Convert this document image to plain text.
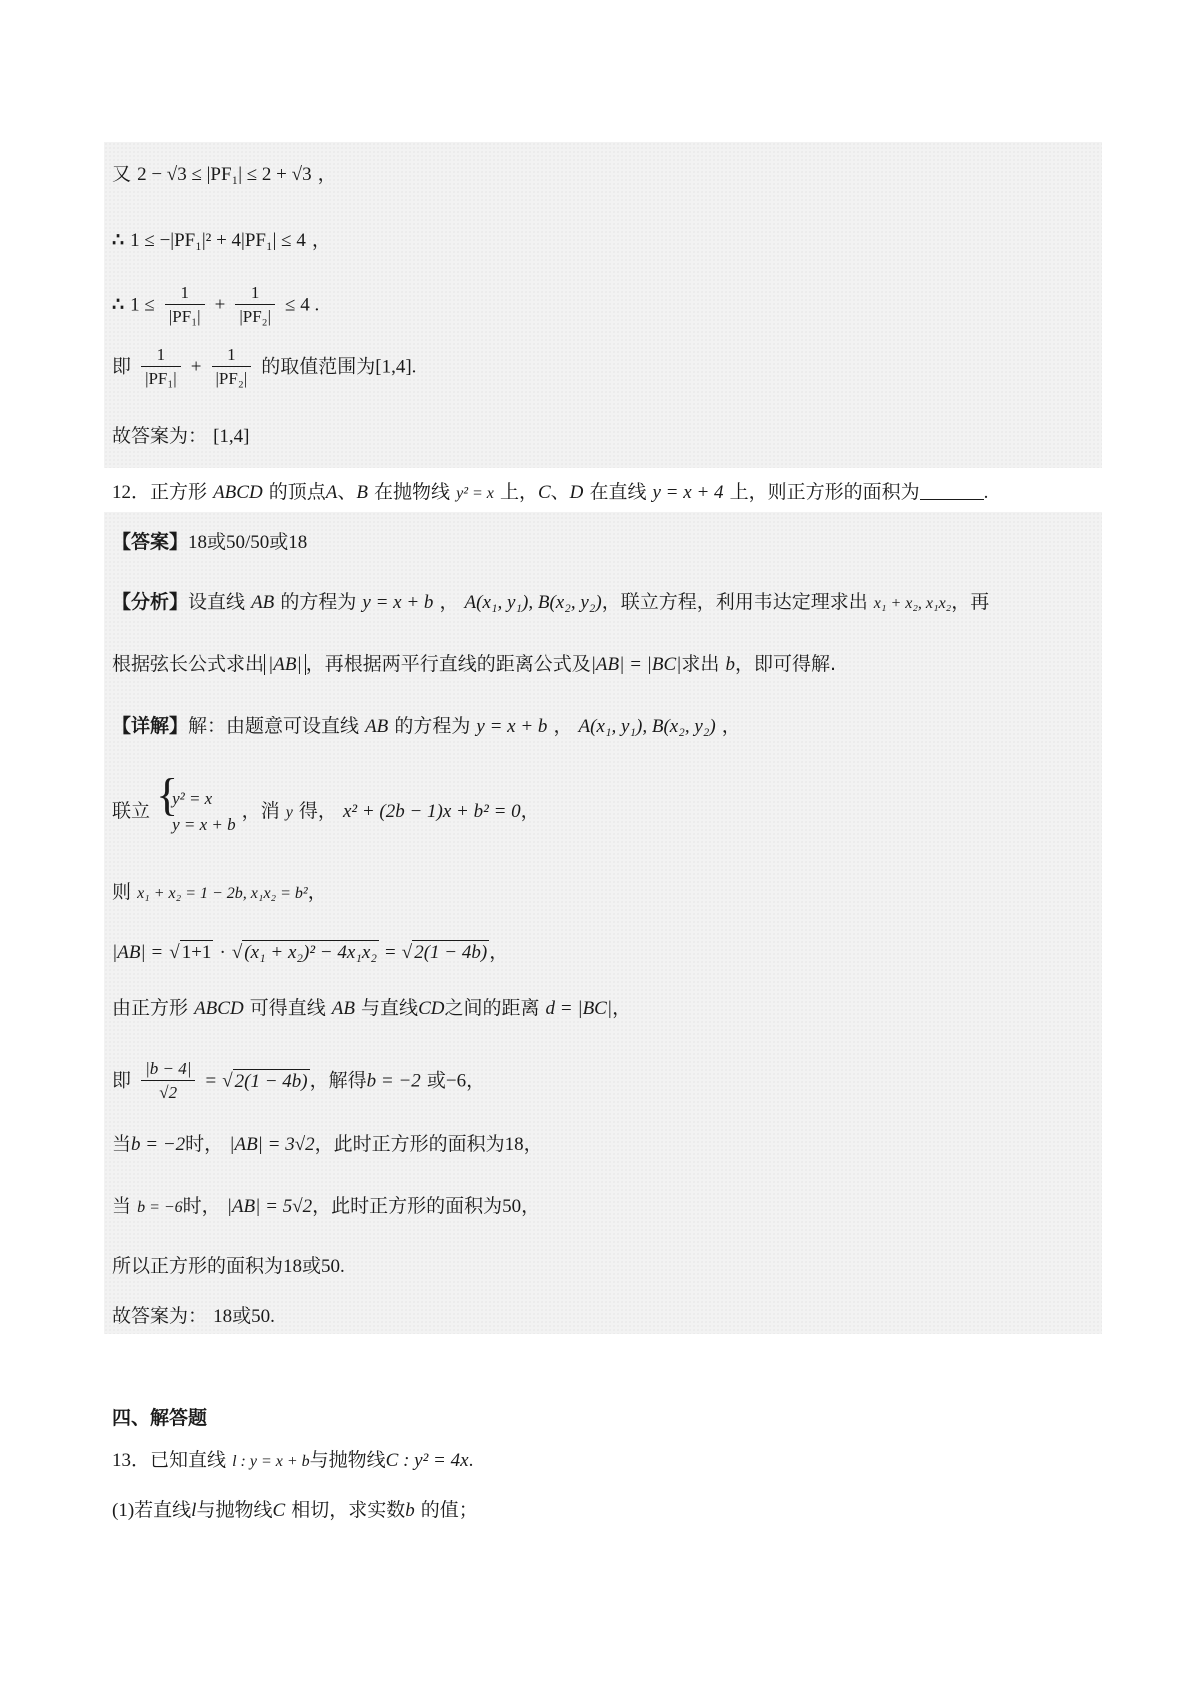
又 2 − √3 ≤ |PF₁| ≤ 2 + √3 ，
∴ 1 ≤ −|PF₁|² + 4|PF₁| ≤ 4 ，
∴ $1 \le \frac{1}{\text{|PF₁|}} + \frac{1}{\text{|PF₂|}} \le 4$ .
即 $\frac{1}{\text{|PF₁|}} + \frac{1}{\text{|PF₂|}}$ 的取值范围为[1,4].
故答案为： [1,4]
12．正方形 ABCD 的顶点A、B 在抛物线 y² = x 上，C、D 在直线 y = x + 4 上，则正方形的面积为	.
【答案】18或50/50或18
【分析】设直线 AB 的方程为 y = x + b ， A(x₁, y₁), B(x₂, y₂)，联立方程，利用韦达定理求出 x₁ + x₂, x₁x₂，再
根据弦长公式求出 |AB| ，再根据两平行直线的距离公式及|AB| = |BC|求出 b，即可得解.
【详解】解：由题意可设直线 AB 的方程为 y = x + b ， A(x₁, y₁), B(x₂, y₂) ，
联立 {
y² = x
y = x + b
，消 y 得， x² + (2b − 1)x + b² = 0，
则 x₁ + x₂ = 1 − 2b, x₁x₂ = b²，
|AB| = √ 1+1 · √ (x₁ + x₂)² − 4x₁x₂ = √ 2(1 − 4b) ，
由正方形 ABCD 可得直线 AB 与直线CD之间的距离 d = |BC|，
即 $\frac{|b - 4|}{√2}$ = √ 2(1 − 4b) ，解得b = −2 或−6，
当b = −2时， |AB| = 3√2，此时正方形的面积为18，
当 b = −6时， |AB| = 5√2，此时正方形的面积为50，
所以正方形的面积为18或50.
故答案为： 18或50.
四、解答题
13．已知直线 l : y = x + b与抛物线C : y² = 4x.
(1)若直线l与抛物线C 相切，求实数b 的值；
